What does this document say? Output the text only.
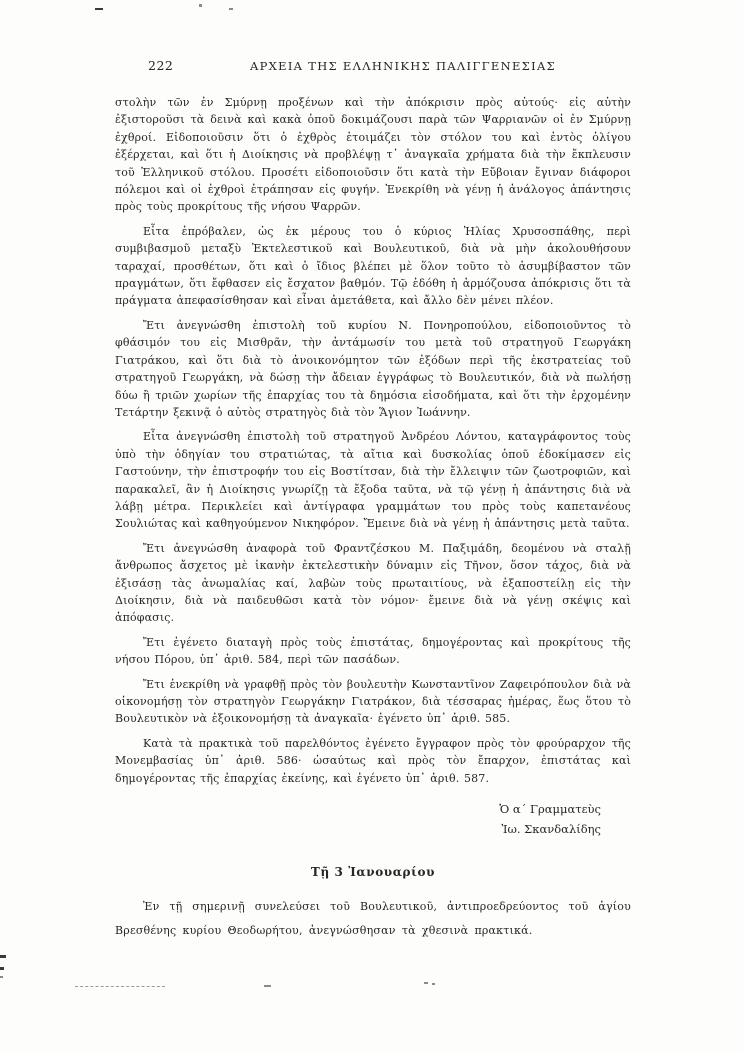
222	ΑΡΧΕΙΑ ΤΗΣ ΕΛΛΗΝΙΚΗΣ ΠΑΛΙΓΓΕΝΕΣΙΑΣ

στολὴν τῶν ἐν Σμύρνῃ προξένων καὶ τὴν ἀπόκρισιν πρὸς αὐτούς· εἰς αὐτὴν ἐξιστοροῦσι τὰ δεινὰ καὶ κακὰ ὁποῦ δοκιμάζουσι παρὰ τῶν Ψαρριανῶν οἱ ἐν Σμύρνῃ ἐχθροί. Εἰδοποιοῦσιν ὅτι ὁ ἐχθρὸς ἑτοιμάζει τὸν στόλον του καὶ ἐντὸς ὀλίγου ἐξέρχεται, καὶ ὅτι ἡ Διοίκησις νὰ προβλέψῃ τ᾽ ἀναγκαῖα χρήματα διὰ τὴν ἔκπλευσιν τοῦ Ἑλληνικοῦ στόλου. Προσέτι εἰδοποιοῦσιν ὅτι κατὰ τὴν Εὔβοιαν ἔγιναν διάφοροι πόλεμοι καὶ οἱ ἐχθροὶ ἐτράπησαν εἰς φυγήν. Ἐνεκρίθη νὰ γένῃ ἡ ἀνάλογος ἀπάντησις πρὸς τοὺς προκρίτους τῆς νήσου Ψαρρῶν.

Εἶτα ἐπρόβαλεν, ὡς ἐκ μέρους του ὁ κύριος Ἠλίας Χρυσοσπάθης, περὶ συμβιβασμοῦ μεταξὺ Ἐκτελεστικοῦ καὶ Βουλευτικοῦ, διὰ νὰ μὴν ἀκολουθήσουν ταραχαί, προσθέτων, ὅτι καὶ ὁ ἴδιος βλέπει μὲ ὅλον τοῦτο τὸ ἀσυμβίβαστον τῶν πραγμάτων, ὅτι ἔφθασεν εἰς ἔσχατον βαθμόν. Τῷ ἐδόθη ἡ ἁρμόζουσα ἀπόκρισις ὅτι τὰ πράγματα ἀπεφασίσθησαν καὶ εἶναι ἀμετάθετα, καὶ ἄλλο δὲν μένει πλέον.

Ἔτι ἀνεγνώσθη ἐπιστολὴ τοῦ κυρίου Ν. Πονηροπούλου, εἰδοποιοῦντος τὸ φθάσιμόν του εἰς Μισθρᾶν, τὴν ἀντάμωσίν του μετὰ τοῦ στρατηγοῦ Γεωργάκη Γιατράκου, καὶ ὅτι διὰ τὸ ἀνοικονόμητον τῶν ἐξόδων περὶ τῆς ἐκστρατείας τοῦ στρατηγοῦ Γεωργάκη, νὰ δώσῃ τὴν ἄδειαν ἐγγράφως τὸ Βουλευτικόν, διὰ νὰ πωλήσῃ δύω ἢ τριῶν χωρίων τῆς ἐπαρχίας του τὰ δημόσια εἰσοδήματα, καὶ ὅτι τὴν ἐρχομένην Τετάρτην ξεκινᾷ ὁ αὐτὸς στρατηγὸς διὰ τὸν Ἅγιον Ἰωάννην.

Εἶτα ἀνεγνώσθη ἐπιστολὴ τοῦ στρατηγοῦ Ἀνδρέου Λόντου, καταγράφοντος τοὺς ὑπὸ τὴν ὁδηγίαν του στρατιώτας, τὰ αἴτια καὶ δυσκολίας ὁποῦ ἐδοκίμασεν εἰς Γαστούνην, τὴν ἐπιστροφήν του εἰς Βοστίτσαν, διὰ τὴν ἔλλειψιν τῶν ζωοτροφιῶν, καὶ παρακαλεῖ, ἂν ἡ Διοίκησις γνωρίζῃ τὰ ἔξοδα ταῦτα, νὰ τῷ γένῃ ἡ ἀπάντησις διὰ νὰ λάβῃ μέτρα. Περικλείει καὶ ἀντίγραφα γραμμάτων του πρὸς τοὺς καπετανέους Σουλιώτας καὶ καθηγούμενον Νικηφόρον. Ἔμεινε διὰ νὰ γένῃ ἡ ἀπάντησις μετὰ ταῦτα.

Ἔτι ἀνεγνώσθη ἀναφορὰ τοῦ Φραντζέσκου Μ. Παξιμάδη, δεομένου νὰ σταλῇ ἄνθρωπος ἄσχετος μὲ ἱκανὴν ἐκτελεστικὴν δύναμιν εἰς Τῆνον, ὅσον τάχος, διὰ νὰ ἐξισάσῃ τὰς ἀνωμαλίας καί, λαβὼν τοὺς πρωταιτίους, νὰ ἐξαποστείλῃ εἰς τὴν Διοίκησιν, διὰ νὰ παιδευθῶσι κατὰ τὸν νόμον· ἔμεινε διὰ νὰ γένῃ σκέψις καὶ ἀπόφασις.

Ἔτι ἐγένετο διαταγὴ πρὸς τοὺς ἐπιστάτας, δημογέροντας καὶ προκρίτους τῆς νήσου Πόρου, ὑπ᾽ ἀριθ. 584, περὶ τῶν πασάδων.

Ἔτι ἐνεκρίθη νὰ γραφθῇ πρὸς τὸν βουλευτὴν Κωνσταντῖνον Ζαφειρόπουλον διὰ νὰ οἰκονομήσῃ τὸν στρατηγὸν Γεωργάκην Γιατράκον, διὰ τέσσαρας ἡμέρας, ἕως ὅτου τὸ Βουλευτικὸν νὰ ἐξοικονομήσῃ τὰ ἀναγκαῖα· ἐγένετο ὑπ᾽ ἀριθ. 585.

Κατὰ τὰ πρακτικὰ τοῦ παρελθόντος ἐγένετο ἔγγραφον πρὸς τὸν φρούραρχον τῆς Μονεμβασίας ὑπ᾽ ἀριθ. 586· ὡσαύτως καὶ πρὸς τὸν ἔπαρχον, ἐπιστάτας καὶ δημογέροντας τῆς ἐπαρχίας ἐκείνης, καὶ ἐγένετο ὑπ᾽ ἀριθ. 587.

Ὁ α΄ Γραμματεὺς
Ἰω. Σκανδαλίδης
Τῇ 3 Ἰανουαρίου

Ἐν τῇ σημερινῇ συνελεύσει τοῦ Βουλευτικοῦ, ἀντιπροεδρεύοντος τοῦ ἁγίου Βρεσθένης κυρίου Θεοδωρήτου, ἀνεγνώσθησαν τὰ χθεσινὰ πρακτικά.
